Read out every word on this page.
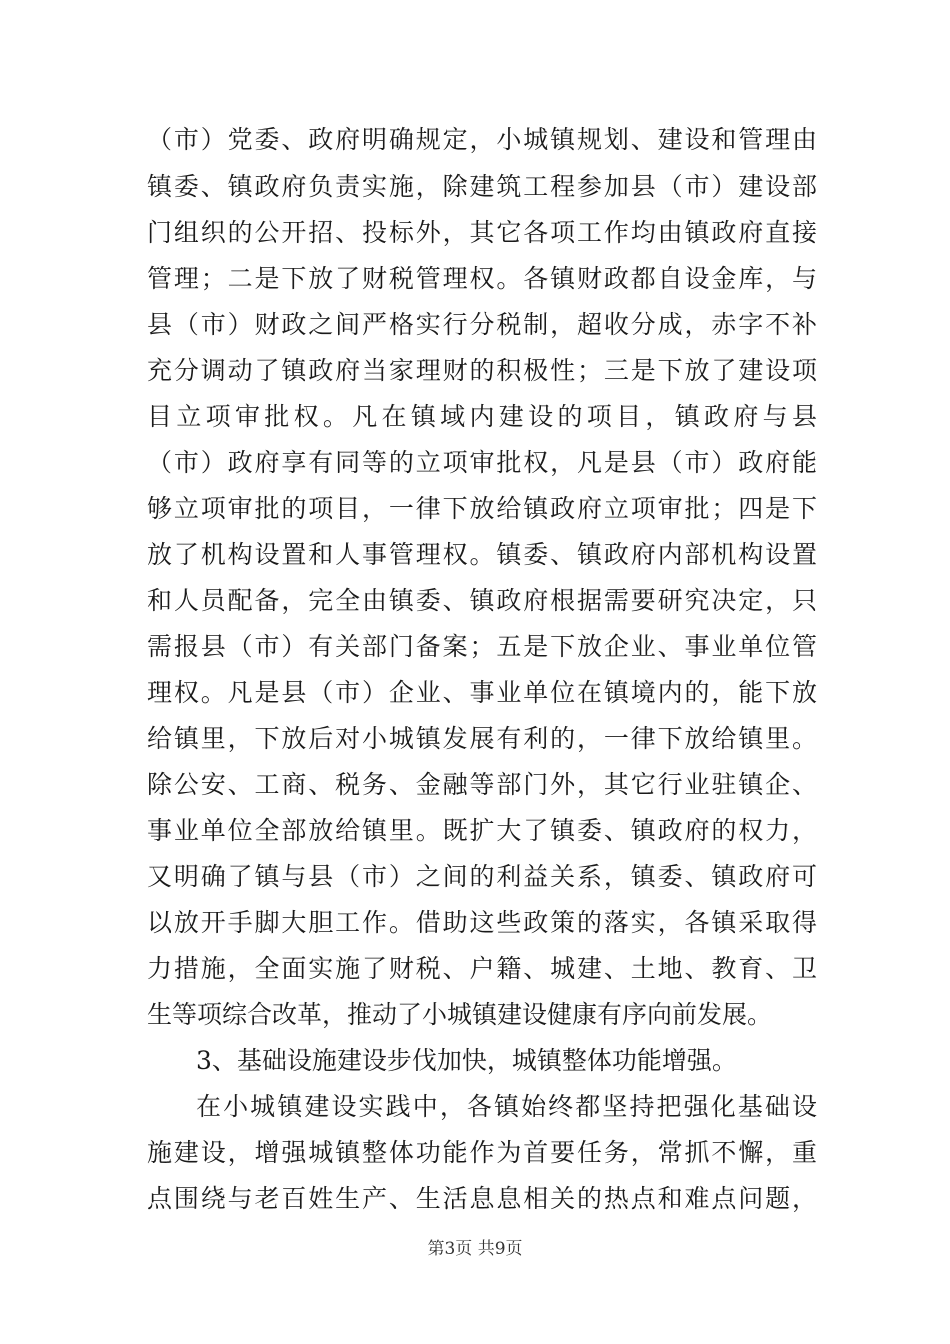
（市）党委、政府明确规定，小城镇规划、建设和管理由
镇委、镇政府负责实施，除建筑工程参加县（市）建设部
门组织的公开招、投标外，其它各项工作均由镇政府直接
管理；二是下放了财税管理权。各镇财政都自设金库，与
县（市）财政之间严格实行分税制，超收分成，赤字不补
充分调动了镇政府当家理财的积极性；三是下放了建设项
目立项审批权。凡在镇域内建设的项目，镇政府与县
（市）政府享有同等的立项审批权，凡是县（市）政府能
够立项审批的项目，一律下放给镇政府立项审批；四是下
放了机构设置和人事管理权。镇委、镇政府内部机构设置
和人员配备，完全由镇委、镇政府根据需要研究决定，只
需报县（市）有关部门备案；五是下放企业、事业单位管
理权。凡是县（市）企业、事业单位在镇境内的，能下放
给镇里，下放后对小城镇发展有利的，一律下放给镇里。
除公安、工商、税务、金融等部门外，其它行业驻镇企、
事业单位全部放给镇里。既扩大了镇委、镇政府的权力，
又明确了镇与县（市）之间的利益关系，镇委、镇政府可
以放开手脚大胆工作。借助这些政策的落实，各镇采取得
力措施，全面实施了财税、户籍、城建、土地、教育、卫
生等项综合改革，推动了小城镇建设健康有序向前发展。
3、基础设施建设步伐加快，城镇整体功能增强。
在小城镇建设实践中，各镇始终都坚持把强化基础设
施建设，增强城镇整体功能作为首要任务，常抓不懈，重
点围绕与老百姓生产、生活息息相关的热点和难点问题，
第3页 共9页
